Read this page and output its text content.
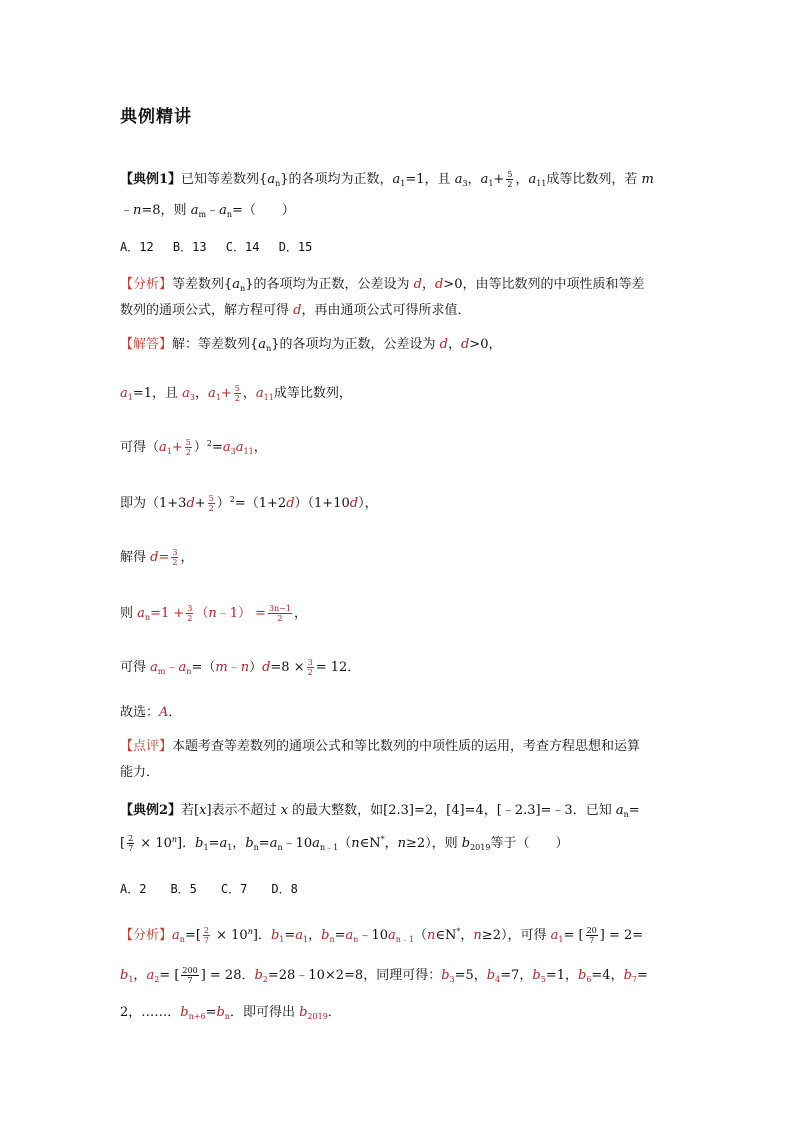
典例精讲
【典例1】已知等差数列$\{a_n\}$的各项均为正数，$a_1=1$，且 $a_3$，$a_1+ \frac{5}{2}$ ，$a_{11}$成等比数列，若 m
﹣n=8，则 $a_m﹣a_n=$（　　）
A．12　 B．13　 C．14　 D．15
【分析】等差数列$\{a_n\}$的各项均为正数，公差设为 d，d>0，由等比数列的中项性质和等差
数列的通项公式，解方程可得 d，再由通项公式可得所求值．
【解答】解：等差数列$\{a_n\}$的各项均为正数，公差设为 d，d>0，
$a_1=1$，且 $a_3$，$a_1+ \frac{5}{2}$ ，$a_{11}$成等比数列，
可得$(a_1+ \frac{5}{2} )^2=a_3a_{11}$，
即为$(1+3d+ \frac{5}{2} )^2=(1+2d)(1+10d)$，
解得 $d= \frac{3}{2}$ ，
则 $a_n=1 + \frac{3}{2}$ （n﹣1） = $\frac{3n-1}{2}$ ，
可得 $a_m﹣a_n=(m﹣n)d=8 \times \frac{3}{2} = 12$．
故选：A．
【点评】本题考查等差数列的通项公式和等比数列的中项性质的运用，考查方程思想和运算
能力．
【典例2】若[x]表示不超过 x 的最大整数，如[2.3]=2，[4]=4，[﹣2.3]=﹣3．已知 $a_n=$
[ $\frac{2}{7} \times 10^n$]．$b_1=a_1$，$b_n=a_n﹣10a_{n﹣1}(n\in N^*$，n≥2），则 $b_{2019}$等于（　　）
A．2　　B．5　　C．7　　D．8
【分析】$a_n=[ \frac{2}{7} \times 10^n]$．$b_1=a_1$，$b_n=a_n﹣10a_{n﹣1}(n\in N^*$，n≥2），可得 $a_1=$ [ $\frac{20}{7}$ ] = 2=
$b_1$，$a_2=$ [ $\frac{200}{7}$ ] = 28．$b_2=28﹣10\times 2=8$，同理可得：$b_3=5$，$b_4=7$，$b_5=1$，$b_6=4$，$b_7=$
2，……．$b_{n+6}=b_n$．即可得出 $b_{2019}$．
